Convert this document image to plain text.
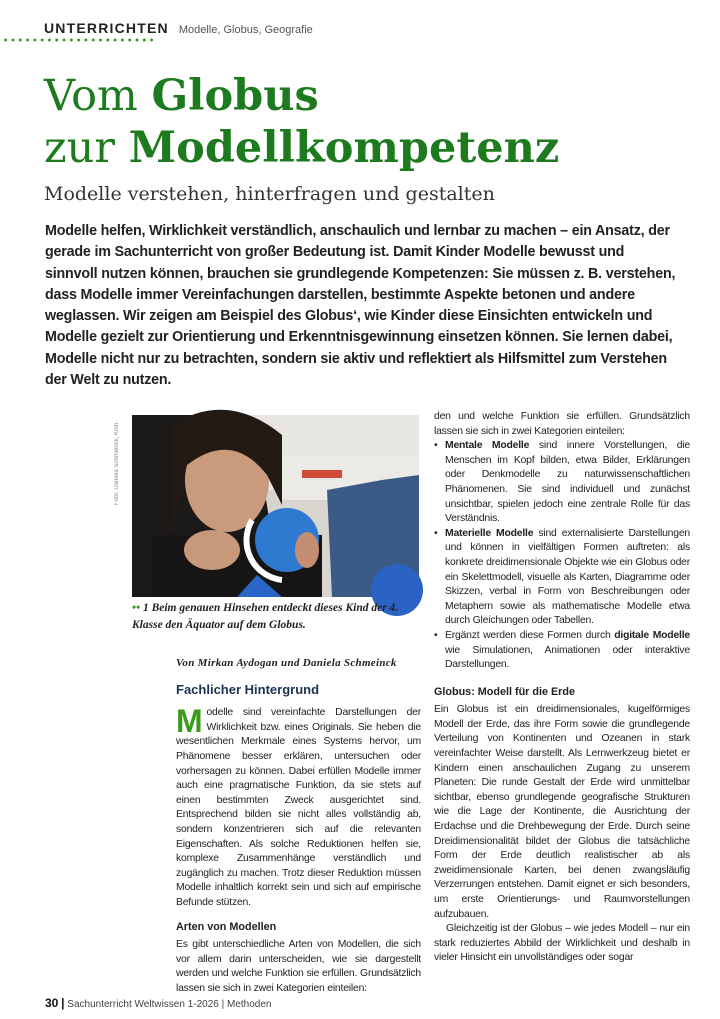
UNTERRICHTEN Modelle, Globus, Geografie
Vom Globus
zur Modellkompetenz
Modelle verstehen, hinterfragen und gestalten

Modelle helfen, Wirklichkeit verständlich, anschaulich und lernbar zu machen – ein Ansatz, der gerade im Sachunterricht von großer Bedeutung ist. Damit Kinder Modelle bewusst und sinnvoll nutzen können, brauchen sie grundlegende Kompetenzen: Sie müssen z. B. verstehen, dass Modelle immer Vereinfachungen darstellen, bestimmte Aspekte betonen und andere weglassen. Wir zeigen am Beispiel des Globus‘, wie Kinder diese Einsichten entwickeln und Modelle gezielt zur Orientierung und Erkenntnisgewinnung einsetzen können. Sie lernen dabei, Modelle nicht nur zu betrachten, sondern sie aktiv und reflektiert als Hilfsmittel zum Verstehen der Welt zu nutzen.

Foto: Daniela Schmeinck, Köln
•• 1 Beim genauen Hinsehen entdeckt dieses Kind der 4. Klasse den Äquator auf dem Globus.
Von Mirkan Aydogan und Daniela Schmeinck
Fachlicher Hintergrund

Modelle sind vereinfachte Darstellungen der Wirklichkeit bzw. eines Originals. Sie heben die wesentlichen Merkmale eines Systems hervor, um Phänomene besser erklären, untersuchen oder vorhersagen zu können. Dabei erfüllen Modelle immer auch eine pragmatische Funktion, da sie stets auf einen bestimmten Zweck ausgerichtet sind. Entsprechend bilden sie nicht alles vollständig ab, sondern konzentrieren sich auf die relevanten Eigenschaften. Als solche Reduktionen helfen sie, komplexe Zusammenhänge verständlich und zugänglich zu machen. Trotz dieser Reduktion müssen Modelle inhaltlich korrekt sein und sich auf empirische Befunde stützen.

Arten von Modellen

Es gibt unterschiedliche Arten von Modellen, die sich vor allem darin unterscheiden, wie sie dargestellt werden und welche Funktion sie erfüllen. Grundsätzlich lassen sie sich in zwei Kategorien einteilen:

den und welche Funktion sie erfüllen. Grundsätzlich lassen sie sich in zwei Kategorien einteilen:

• Mentale Modelle sind innere Vorstellungen, die Menschen im Kopf bilden, etwa Bilder, Erklärungen oder Denkmodelle zu naturwissenschaftlichen Phänomenen. Sie sind individuell und zunächst unsichtbar, spielen jedoch eine zentrale Rolle für das Verständnis.
• Materielle Modelle sind externalisierte Darstellungen und können in vielfältigen Formen auftreten: als konkrete dreidimensionale Objekte wie ein Globus oder ein Skelettmodell, visuelle als Karten, Diagramme oder Skizzen, verbal in Form von Beschreibungen oder Metaphern sowie als mathematische Modelle etwa durch Gleichungen oder Tabellen.
• Ergänzt werden diese Formen durch digitale Modelle wie Simulationen, Animationen oder interaktive Darstellungen.
Globus: Modell für die Erde

Ein Globus ist ein dreidimensionales, kugelförmiges Modell der Erde, das ihre Form sowie die grundlegende Verteilung von Kontinenten und Ozeanen in stark vereinfachter Weise darstellt. Als Lernwerkzeug bietet er Kindern einen anschaulichen Zugang zu unserem Planeten: Die runde Gestalt der Erde wird unmittelbar sichtbar, ebenso grundlegende geografische Strukturen wie die Lage der Kontinente, die Ausrichtung der Erdachse und die Drehbewegung der Erde. Durch seine Dreidimensionalität bildet der Globus die tatsächliche Form der Erde deutlich realistischer ab als zweidimensionale Karten, bei denen zwangsläufig Verzerrungen entstehen. Damit eignet er sich besonders, um erste Orientierungs- und Raumvorstellungen aufzubauen.

Gleichzeitig ist der Globus – wie jedes Modell – nur ein stark reduziertes Abbild der Wirklichkeit und deshalb in vieler Hinsicht ein unvollständiges oder sogar

30 | Sachunterricht Weltwissen 1-2026 | Methoden
